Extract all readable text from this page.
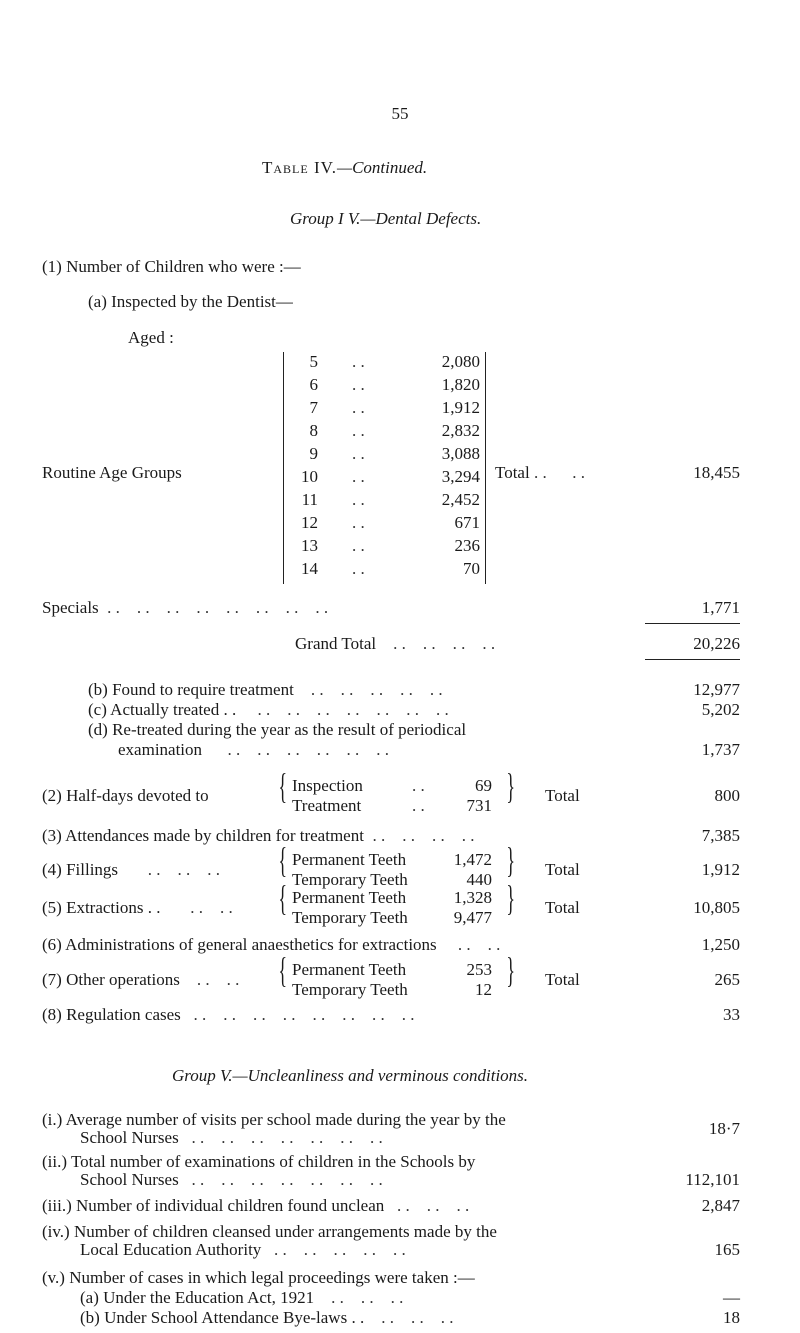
55
Table IV.—Continued.
Group I V.—Dental Defects.
(1) Number of Children who were :—
(a) Inspected by the Dentist—
Aged :
5 . .	2,080
6 . .	1,820
7 . .	1,912
8 . .	2,832
9 . .	3,088
10 . .	3,294
11 . .	2,452
12 . .	671
13 . .	236
14 . .	70
Routine Age Groups	Total . .      . .	18,455
Specials  . .    . .    . .    . .    . .    . .    . .    . .	1,771
Grand Total    . .    . .    . .    . .	20,226
(b) Found to require treatment    . .    . .    . .    . .    . .	12,977
(c) Actually treated . .     . .    . .    . .    . .    . .    . .    . .	5,202
(d) Re-treated during the year as the result of periodical
examination      . .    . .    . .    . .    . .    . .	1,737
(2) Half-days devoted to { Inspection	. .	69
Treatment	. .	731 } Total	800
(3) Attendances made by children for treatment  . .    . .    . .    . .	7,385
(4) Fillings       . .    . .    . . { Permanent Teeth	1,472
Temporary Teeth	440 } Total	1,912
(5) Extractions . .       . .    . . { Permanent Teeth	1,328
Temporary Teeth	9,477 } Total	10,805
(6) Administrations of general anaesthetics for extractions     . .    . .	1,250
(7) Other operations    . .    . . { Permanent Teeth	253
Temporary Teeth	12 } Total	265
(8) Regulation cases   . .    . .    . .    . .    . .    . .    . .    . .	33
Group V.—Uncleanliness and verminous conditions.
(i.) Average number of visits per school made during the year by the
School Nurses   . .    . .    . .    . .    . .    . .    . .	18·7
(ii.) Total number of examinations of children in the Schools by
School Nurses   . .    . .    . .    . .    . .    . .    . .	112,101
(iii.) Number of individual children found unclean   . .    . .    . .	2,847
(iv.) Number of children cleansed under arrangements made by the
Local Education Authority   . .    . .    . .    . .    . .	165
(v.) Number of cases in which legal proceedings were taken :—
(a) Under the Education Act, 1921    . .    . .    . .	—
(b) Under School Attendance Bye-laws . .    . .    . .    . .	18
